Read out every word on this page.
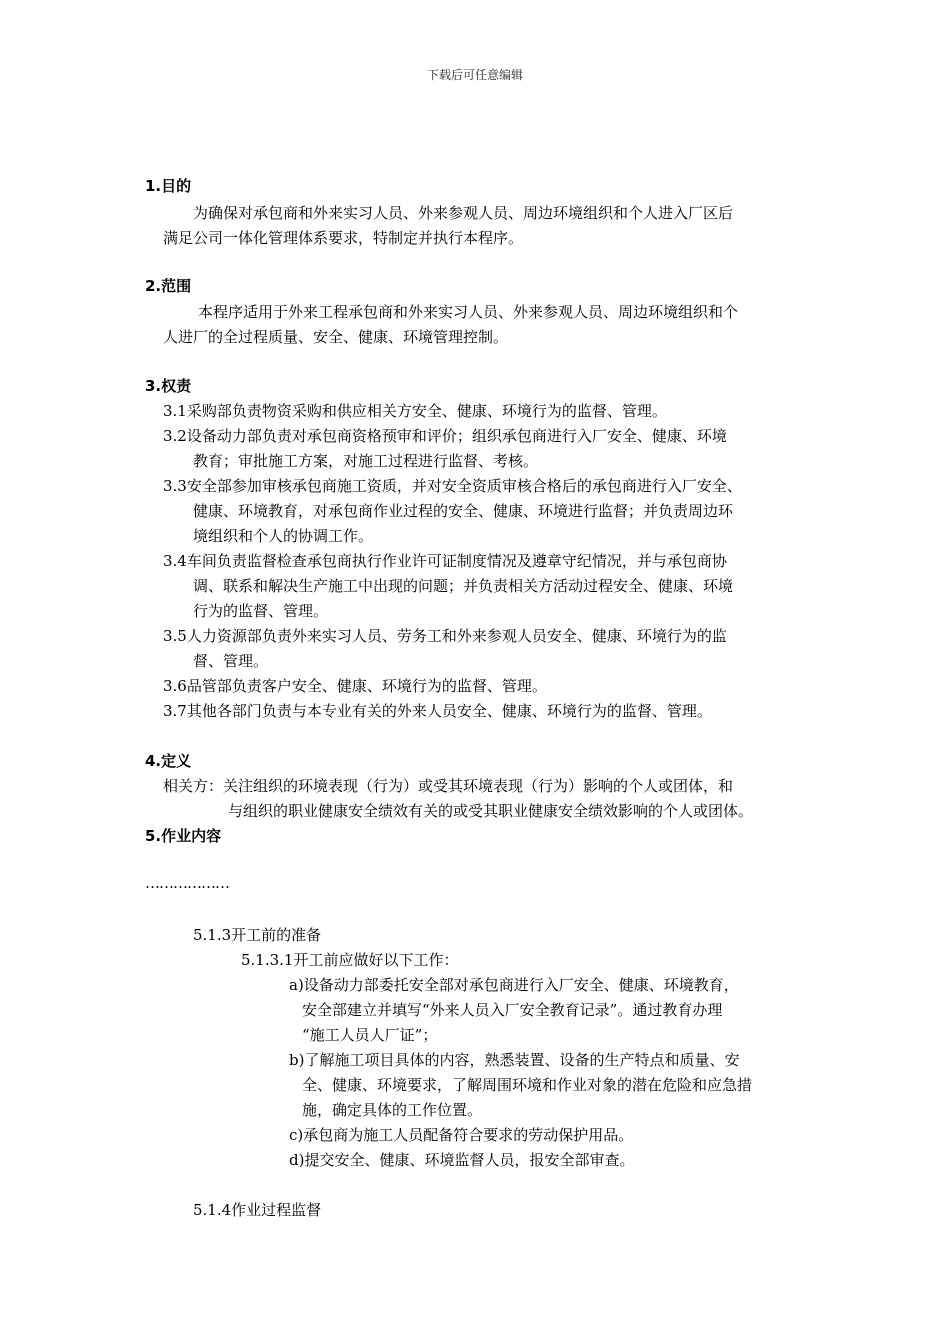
下载后可任意编辑
1.目的
为确保对承包商和外来实习人员、外来参观人员、周边环境组织和个人进入厂区后
满足公司一体化管理体系要求，特制定并执行本程序。
2.范围
本程序适用于外来工程承包商和外来实习人员、外来参观人员、周边环境组织和个
人进厂的全过程质量、安全、健康、环境管理控制。
3.权责
3.1采购部负责物资采购和供应相关方安全、健康、环境行为的监督、管理。
3.2设备动力部负责对承包商资格预审和评价；组织承包商进行入厂安全、健康、环境
教育；审批施工方案，对施工过程进行监督、考核。
3.3安全部参加审核承包商施工资质，并对安全资质审核合格后的承包商进行入厂安全、
健康、环境教育，对承包商作业过程的安全、健康、环境进行监督；并负责周边环
境组织和个人的协调工作。
3.4车间负责监督检查承包商执行作业许可证制度情况及遵章守纪情况，并与承包商协
调、联系和解决生产施工中出现的问题；并负责相关方活动过程安全、健康、环境
行为的监督、管理。
3.5人力资源部负责外来实习人员、劳务工和外来参观人员安全、健康、环境行为的监
督、管理。
3.6品管部负责客户安全、健康、环境行为的监督、管理。
3.7其他各部门负责与本专业有关的外来人员安全、健康、环境行为的监督、管理。
4.定义
相关方：关注组织的环境表现（行为）或受其环境表现（行为）影响的个人或团体，和
与组织的职业健康安全绩效有关的或受其职业健康安全绩效影响的个人或团体。
5.作业内容
………………
5.1.3开工前的准备
5.1.3.1开工前应做好以下工作：
a)设备动力部委托安全部对承包商进行入厂安全、健康、环境教育，
安全部建立并填写“外来人员入厂安全教育记录”。通过教育办理
“施工人员人厂证”；
b)了解施工项目具体的内容，熟悉装置、设备的生产特点和质量、安
全、健康、环境要求，了解周围环境和作业对象的潜在危险和应急措
施，确定具体的工作位置。
c)承包商为施工人员配备符合要求的劳动保护用品。
d)提交安全、健康、环境监督人员，报安全部审查。
5.1.4作业过程监督
